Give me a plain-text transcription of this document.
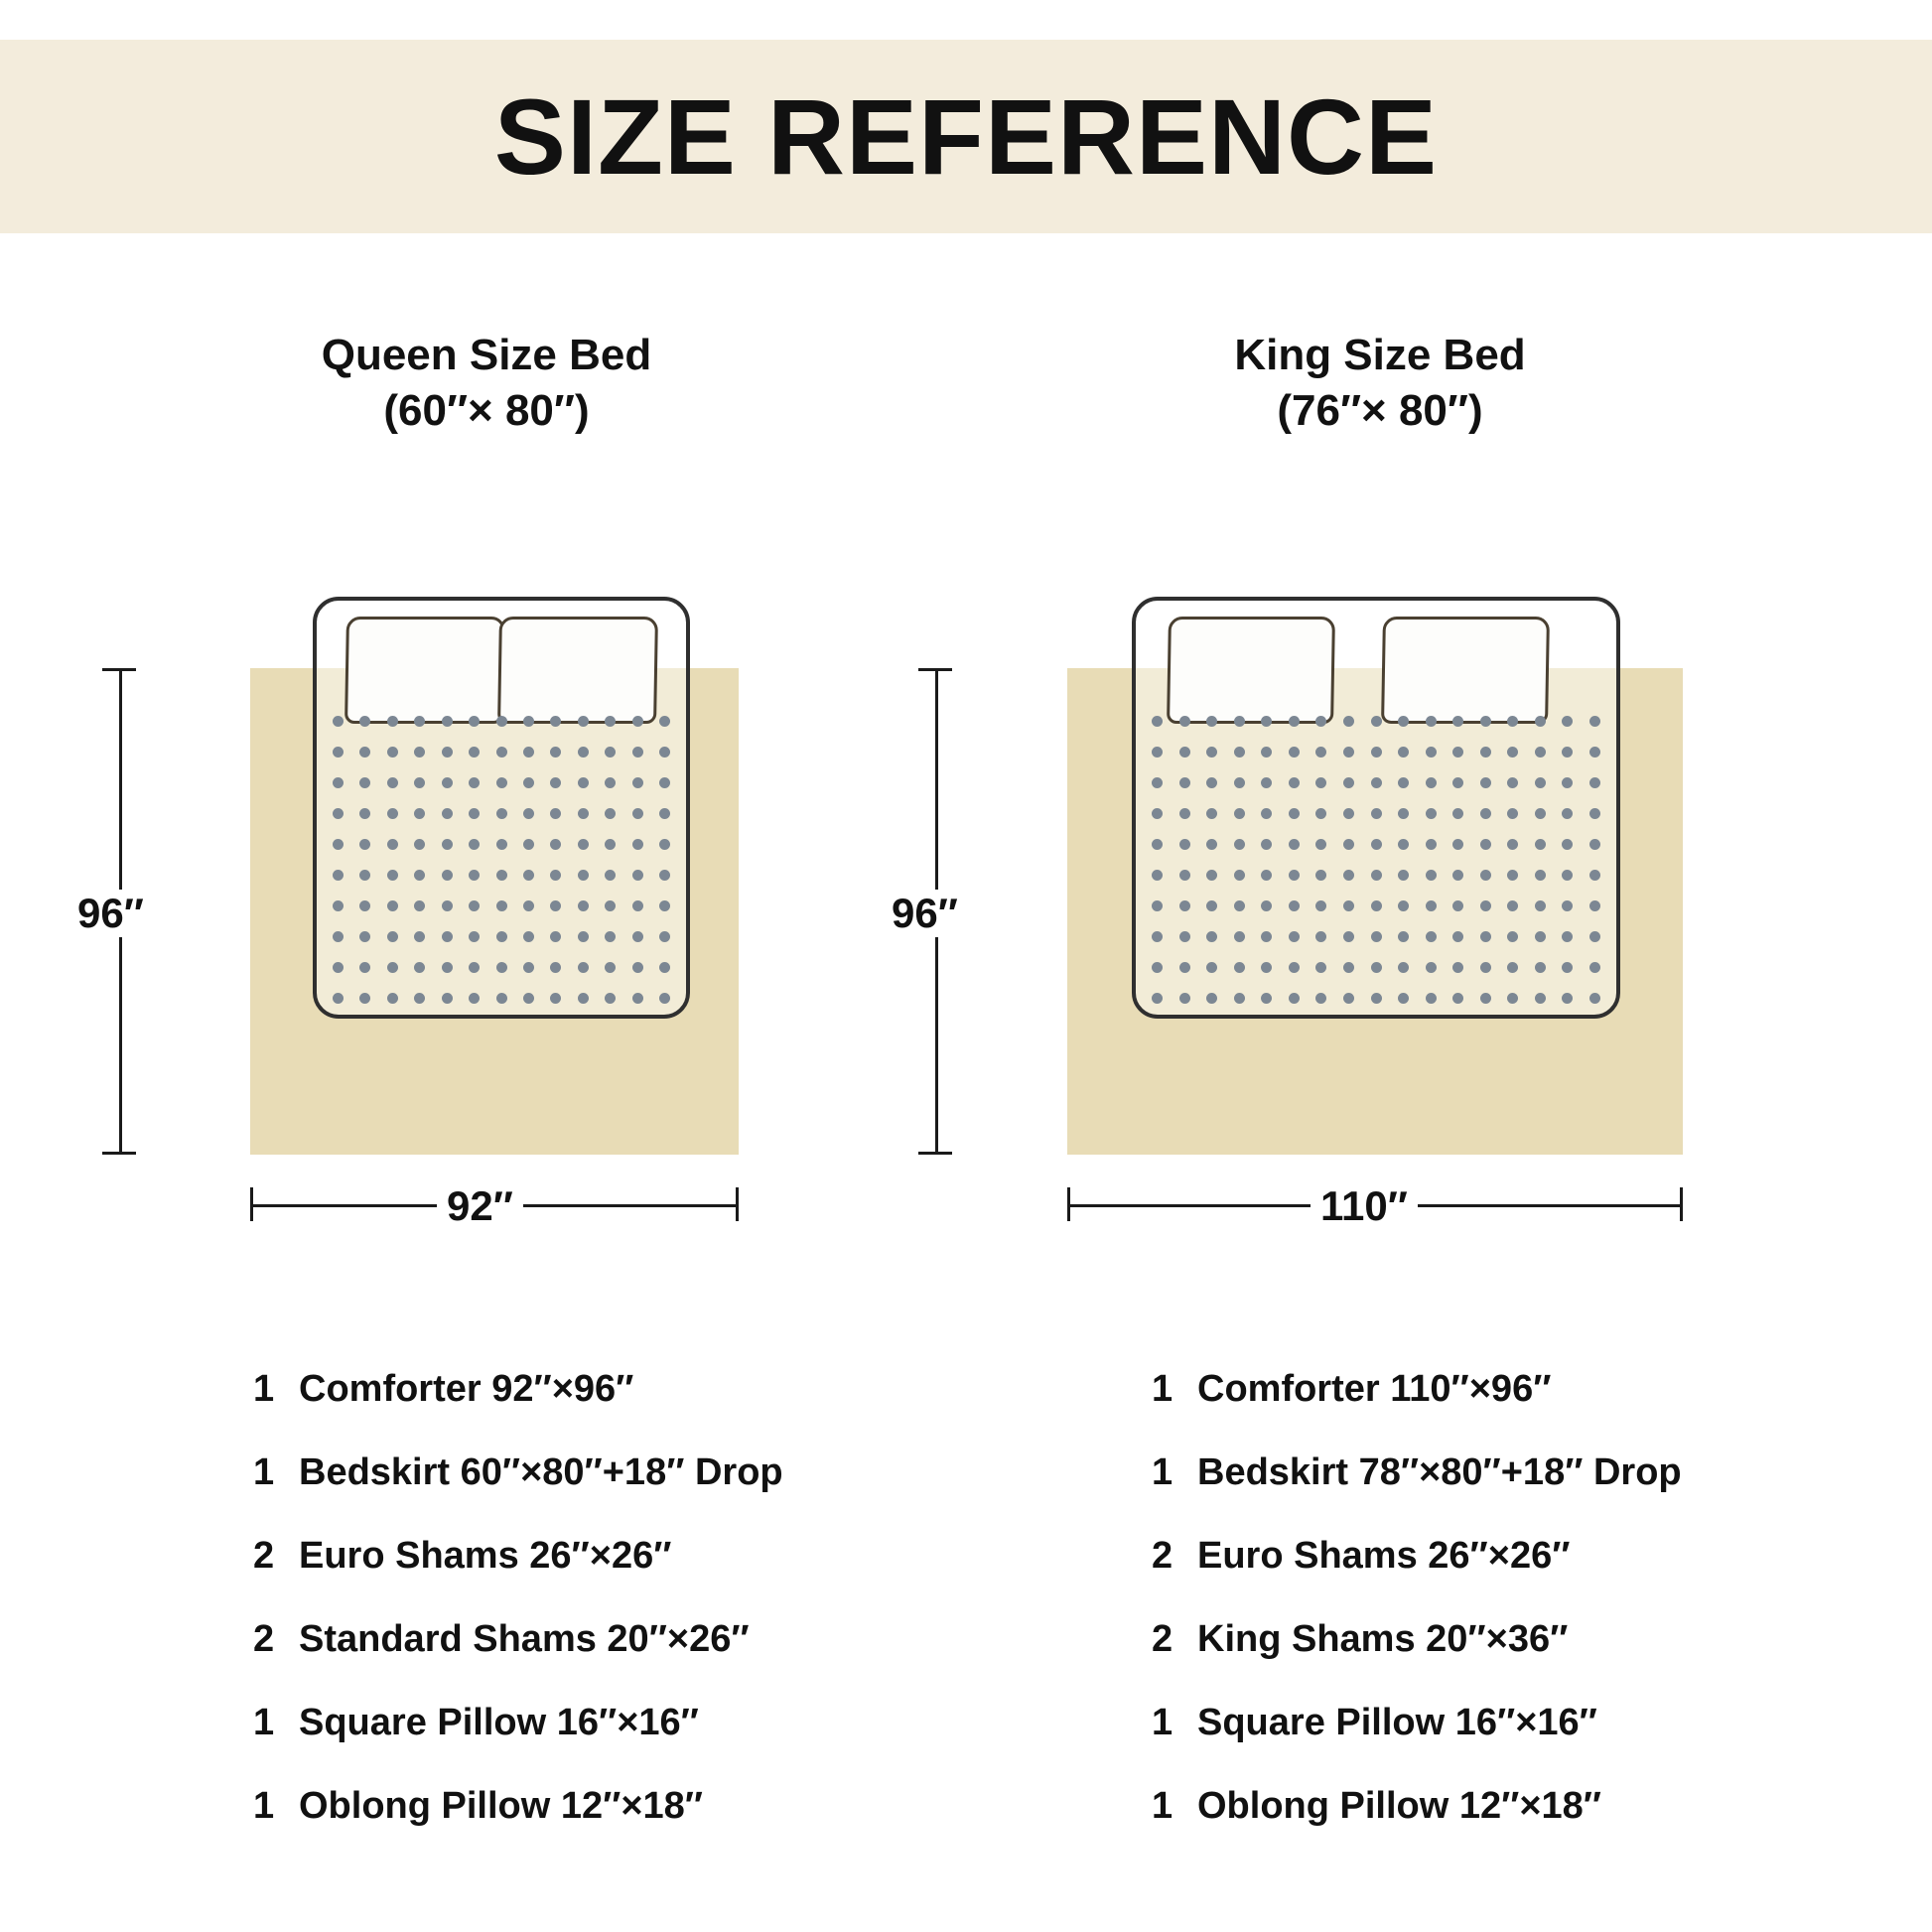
SIZE REFERENCE
Queen Size Bed
(60″× 80″)
96″
92″
King Size Bed
(76″× 80″)
96″
110″
1 Comforter 92″×96″
1 Bedskirt 60″×80″+18″ Drop
2 Euro Shams 26″×26″
2 Standard Shams 20″×26″
1 Square Pillow 16″×16″
1 Oblong Pillow 12″×18″
1 Comforter 110″×96″
1 Bedskirt 78″×80″+18″ Drop
2 Euro Shams 26″×26″
2 King Shams 20″×36″
1 Square Pillow 16″×16″
1 Oblong Pillow 12″×18″
